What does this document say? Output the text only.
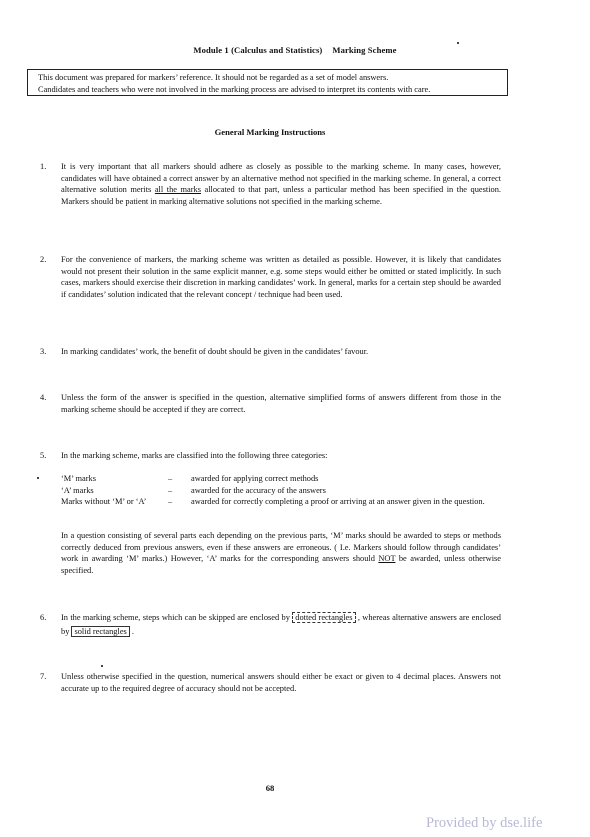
Module 1 (Calculus and Statistics) Marking Scheme
This document was prepared for markers’ reference. It should not be regarded as a set of model answers.
Candidates and teachers who were not involved in the marking process are advised to interpret its contents with care.
General Marking Instructions
1. It is very important that all markers should adhere as closely as possible to the marking scheme. In many cases, however, candidates will have obtained a correct answer by an alternative method not specified in the marking scheme. In general, a correct alternative solution merits all the marks allocated to that part, unless a particular method has been specified in the question. Markers should be patient in marking alternative solutions not specified in the marking scheme.
2. For the convenience of markers, the marking scheme was written as detailed as possible. However, it is likely that candidates would not present their solution in the same explicit manner, e.g. some steps would either be omitted or stated implicitly. In such cases, markers should exercise their discretion in marking candidates’ work. In general, marks for a certain step should be awarded if candidates’ solution indicated that the relevant concept / technique had been used.
3. In marking candidates’ work, the benefit of doubt should be given in the candidates’ favour.
4. Unless the form of the answer is specified in the question, alternative simplified forms of answers different from those in the marking scheme should be accepted if they are correct.
5. In the marking scheme, marks are classified into the following three categories:
‘M’ marks	– awarded for applying correct methods
‘A’ marks	– awarded for the accuracy of the answers
Marks without ‘M’ or ‘A’	– awarded for correctly completing a proof or arriving at an answer given in the question.
In a question consisting of several parts each depending on the previous parts, ‘M’ marks should be awarded to steps or methods correctly deduced from previous answers, even if these answers are erroneous. ( I.e. Markers should follow through candidates’ work in awarding ‘M’ marks.) However, ‘A’ marks for the corresponding answers should NOT be awarded, unless otherwise specified.
6. In the marking scheme, steps which can be skipped are enclosed by dotted rectangles , whereas alternative answers are enclosed by solid rectangles .
7. Unless otherwise specified in the question, numerical answers should either be exact or given to 4 decimal places. Answers not accurate up to the required degree of accuracy should not be accepted.
68
Provided by dse.life
